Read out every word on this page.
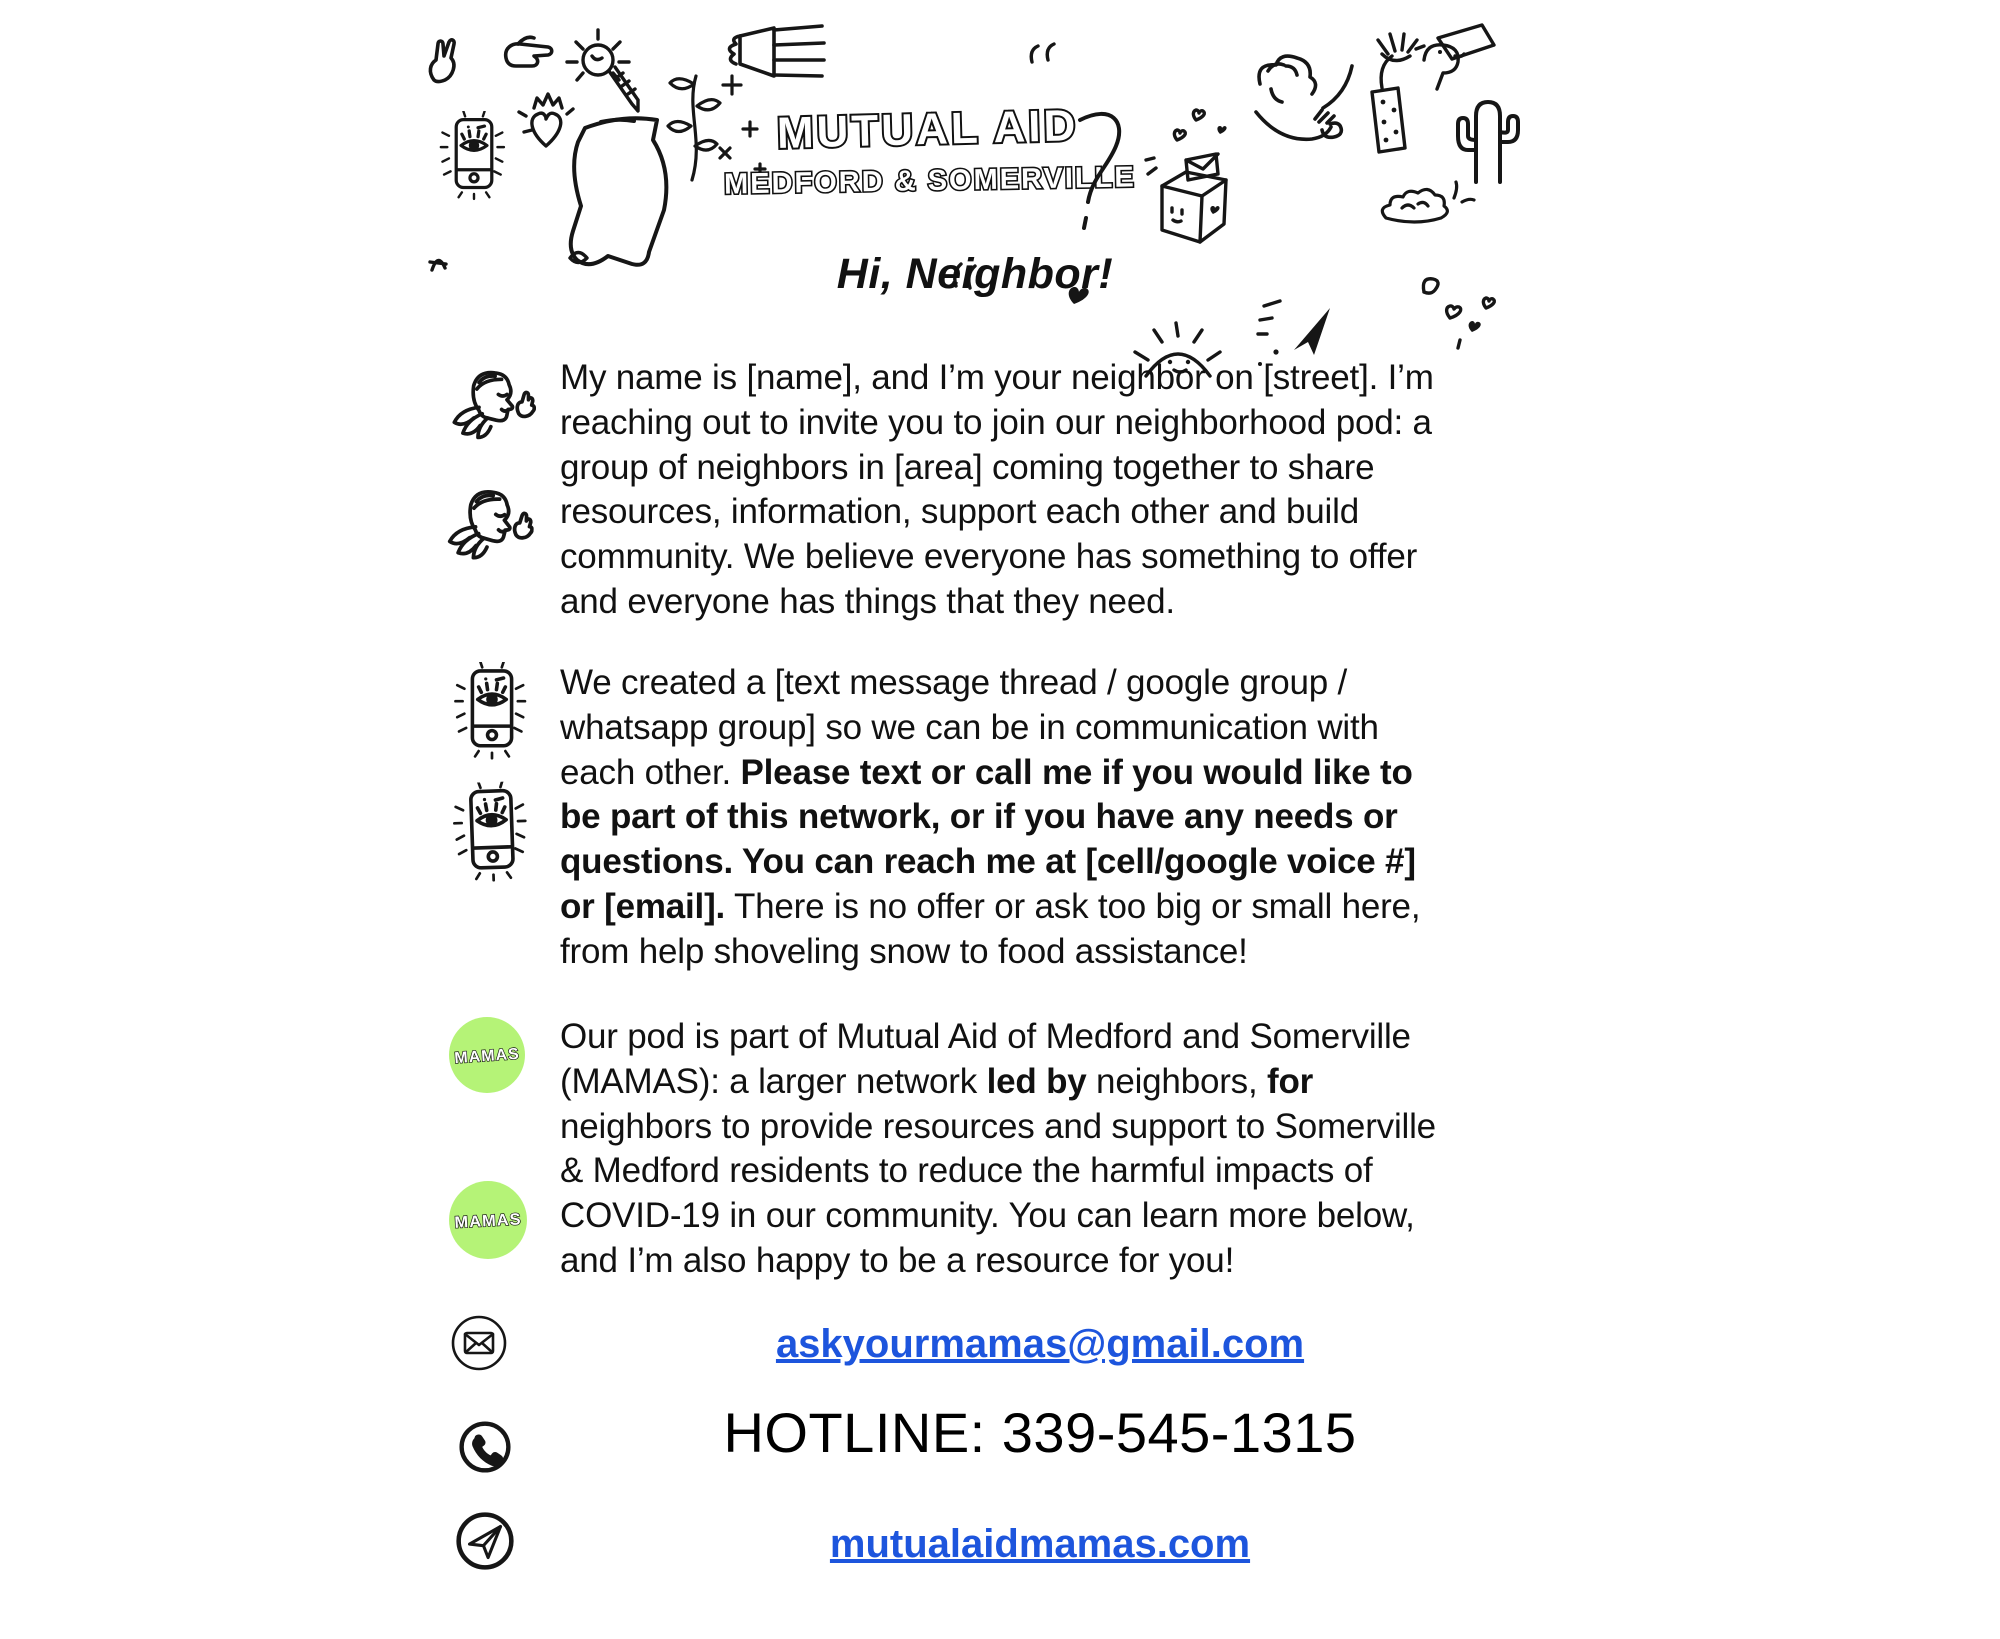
MUTUAL AID
MEDFORD & SOMERVILLE
Hi, Neighbor!
My name is [name], and I’m your neighbor on [street]. I’m
reaching out to invite you to join our neighborhood pod: a
group of neighbors in [area] coming together to share
resources, information, support each other and build
community. We believe everyone has something to offer
and everyone has things that they need.
We created a [text message thread / google group /
whatsapp group] so we can be in communication with
each other. Please text or call me if you would like to
be part of this network, or if you have any needs or
questions. You can reach me at [cell/google voice #]
or [email]. There is no offer or ask too big or small here,
from help shoveling snow to food assistance!
MAMAS
MAMAS
Our pod is part of Mutual Aid of Medford and Somerville
(MAMAS): a larger network led by neighbors, for
neighbors to provide resources and support to Somerville
& Medford residents to reduce the harmful impacts of
COVID-19 in our community. You can learn more below,
and I’m also happy to be a resource for you!
askyourmamas@gmail.com
HOTLINE: 339-545-1315
mutualaidmamas.com
